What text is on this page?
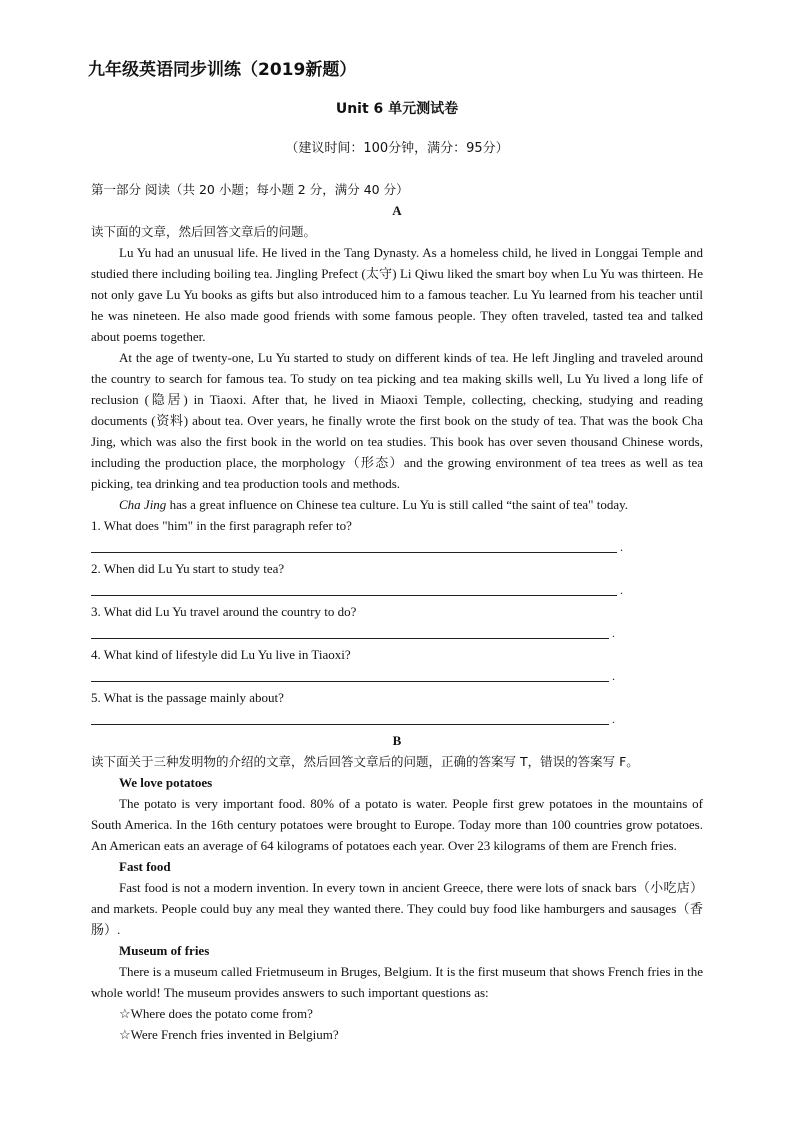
九年级英语同步训练（2019新题）
Unit 6 单元测试卷
（建议时间：100分钟，满分：95分）

第一部分 阅读（共 20 小题；每小题 2 分，满分 40 分）

A

读下面的文章，然后回答文章后的问题。

Lu Yu had an unusual life. He lived in the Tang Dynasty. As a homeless child, he lived in Longgai Temple and studied there including boiling tea. Jingling Prefect (太守) Li Qiwu liked the smart boy when Lu Yu was thirteen. He not only gave Lu Yu books as gifts but also introduced him to a famous teacher. Lu Yu learned from his teacher until he was nineteen. He also made good friends with some famous people. They often traveled, tasted tea and talked about poems together.

At the age of twenty-one, Lu Yu started to study on different kinds of tea. He left Jingling and traveled around the country to search for famous tea. To study on tea picking and tea making skills well, Lu Yu lived a long life of reclusion (隐居) in Tiaoxi. After that, he lived in Miaoxi Temple, collecting, checking, studying and reading documents (资料) about tea. Over years, he finally wrote the first book on the study of tea. That was the book Cha Jing, which was also the first book in the world on tea studies. This book has over seven thousand Chinese words, including the production place, the morphology（形态）and the growing environment of tea trees as well as tea picking, tea drinking and tea production tools and methods.

Cha Jing has a great influence on Chinese tea culture. Lu Yu is still called “the saint of tea" today.

1. What does "him" in the first paragraph refer to?

.

2. When did Lu Yu start to study tea?

.

3. What did Lu Yu travel around the country to do?

.

4. What kind of lifestyle did Lu Yu live in Tiaoxi?

.

5. What is the passage mainly about?

.

B

读下面关于三种发明物的介绍的文章，然后回答文章后的问题，正确的答案写 T，错误的答案写 F。

We love potatoes

The potato is very important food. 80% of a potato is water. People first grew potatoes in the mountains of South America. In the 16th century potatoes were brought to Europe. Today more than 100 countries grow potatoes. An American eats an average of 64 kilograms of potatoes each year. Over 23 kilograms of them are French fries.

Fast food

Fast food is not a modern invention. In every town in ancient Greece, there were lots of snack bars（小吃店）and markets. People could buy any meal they wanted there. They could buy food like hamburgers and sausages（香肠）.

Museum of fries

There is a museum called Frietmuseum in Bruges, Belgium. It is the first museum that shows French fries in the whole world! The museum provides answers to such important questions as:

☆Where does the potato come from?

☆Were French fries invented in Belgium?
